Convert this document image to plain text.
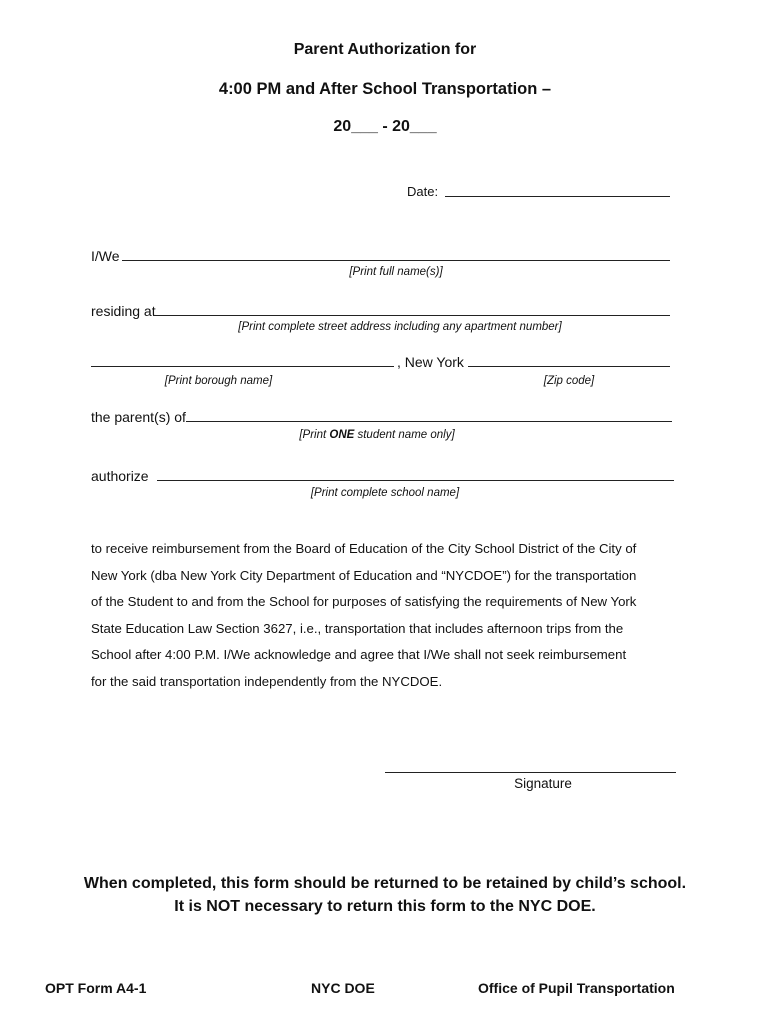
Parent Authorization for
4:00 PM and After School Transportation –
20___ - 20___
Date:
I/We
[Print full name(s)]
residing at
[Print complete street address including any apartment number]
, New York
[Print borough name]	[Zip code]
the parent(s) of
[Print ONE student name only]
authorize
[Print complete school name]
to receive reimbursement from the Board of Education of the City School District of the City of
New York (dba New York City Department of Education and “NYCDOE”) for the transportation
of the Student to and from the School for purposes of satisfying the requirements of New York
State Education Law Section 3627, i.e., transportation that includes afternoon trips from the
School after 4:00 P.M. I/We acknowledge and agree that I/We shall not seek reimbursement
for the said transportation independently from the NYCDOE.
Signature
When completed, this form should be returned to be retained by child’s school.
It is NOT necessary to return this form to the NYC DOE.
OPT Form A4-1	NYC DOE	Office of Pupil Transportation
